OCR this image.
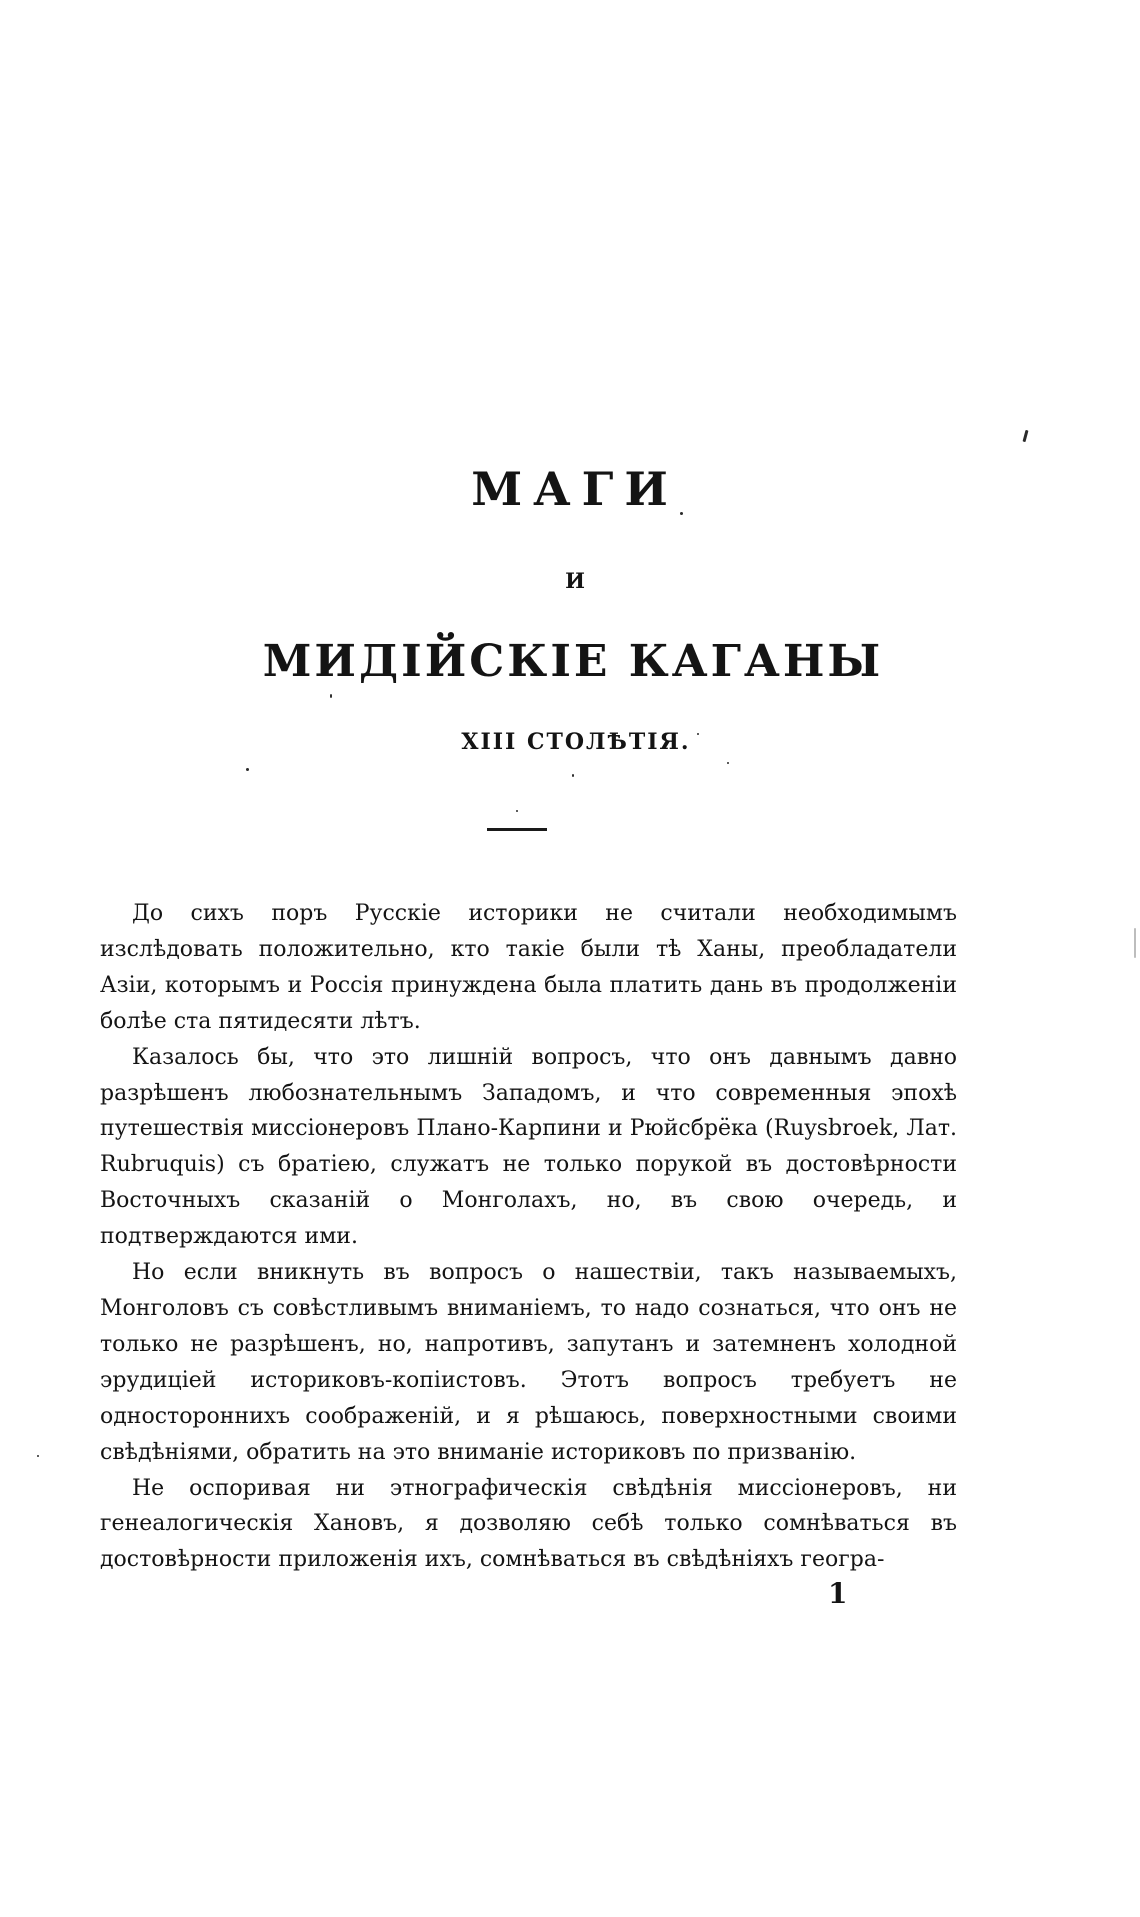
МАГИ
И
МИДІЙСКІЕ КАГАНЫ
XIII СТОЛѢТІЯ.

До сихъ поръ Русскіе историки не считали необходимымъ изслѣдовать положительно, кто такіе были тѣ Ханы, преобладатели Азіи, которымъ и Россія принуждена была платить дань въ продолженіи болѣе ста пятидесяти лѣтъ.

Казалось бы, что это лишній вопросъ, что онъ давнымъ давно разрѣшенъ любознательнымъ Западомъ, и что современныя эпохѣ путешествія миссіонеровъ Плано-Карпини и Рюйсбрёка (Ruysbroek, Лат. Rubruquis) съ братіею, служатъ не только порукой въ достовѣрности Восточныхъ сказаній о Монголахъ, но, въ свою очередь, и подтверждаются ими.

Но если вникнуть въ вопросъ о нашествіи, такъ называемыхъ, Монголовъ съ совѣстливымъ вниманіемъ, то надо сознаться, что онъ не только не разрѣшенъ, но, напротивъ, запутанъ и затемненъ холодной эрудиціей историковъ-копіистовъ. Этотъ вопросъ требуетъ не одностороннихъ соображеній, и я рѣшаюсь, поверхностными своими свѣдѣніями, обратить на это вниманіе историковъ по призванію.

Не оспоривая ни этнографическія свѣдѣнія миссіонеровъ, ни генеалогическія Хановъ, я дозволяю себѣ только сомнѣваться въ достовѣрности приложенія ихъ, сомнѣваться въ свѣдѣніяхъ геогра-

1
